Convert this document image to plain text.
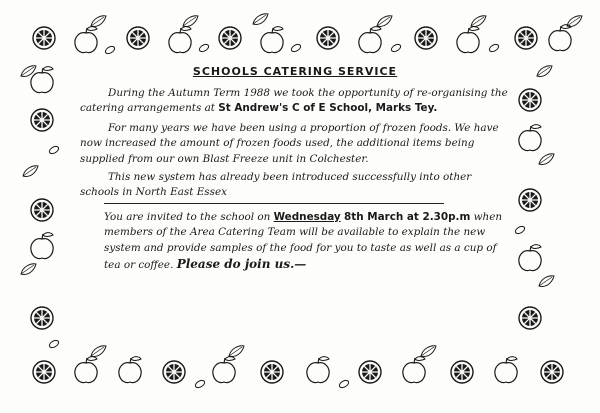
SCHOOLS CATERING SERVICE

During the Autumn Term 1988 we took the opportunity of re-organising the catering arrangements at St Andrew's C of E School, Marks Tey.

For many years we have been using a proportion of frozen foods. We have now increased the amount of frozen foods used, the additional items being supplied from our own Blast Freeze unit in Colchester.

This new system has already been introduced successfully into other schools in North East Essex

You are invited to the school on Wednesday 8th March at 2.30p.m when members of the Area Catering Team will be available to explain the new system and provide samples of the food for you to taste as well as a cup of tea or coffee. Please do join us.—
